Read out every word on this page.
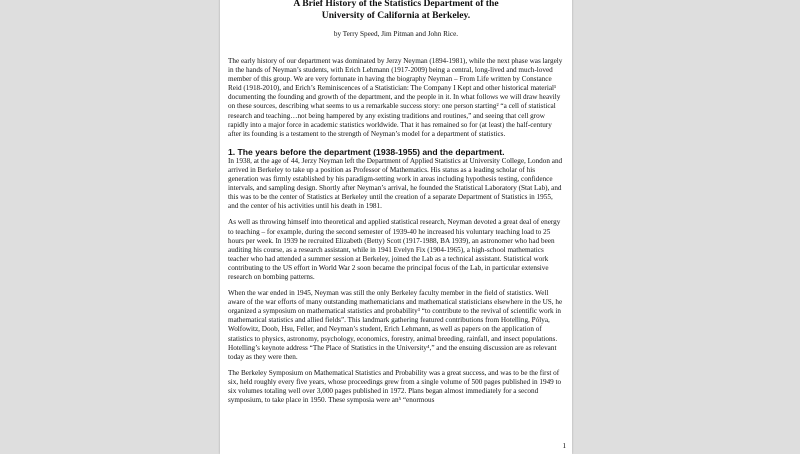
A Brief History of the Statistics Department of the
University of California at Berkeley.

by Terry Speed, Jim Pitman and John Rice.

The early history of our department was dominated by Jerzy Neyman (1894-1981), while the next phase was largely in the hands of Neyman’s students, with Erich Lehmann (1917-2009) being a central, long-lived and much-loved member of this group. We are very fortunate in having the biography Neyman – From Life written by Constance Reid (1918-2010), and Erich’s Reminiscences of a Statistician: The Company I Kept and other historical material¹ documenting the founding and growth of the department, and the people in it. In what follows we will draw heavily on these sources, describing what seems to us a remarkable success story: one person starting² “a cell of statistical research and teaching…not being hampered by any existing traditions and routines,” and seeing that cell grow rapidly into a major force in academic statistics worldwide. That it has remained so for (at least) the half-century after its founding is a testament to the strength of Neyman’s model for a department of statistics.

1. The years before the department (1938-1955) and the department.

In 1938, at the age of 44, Jerzy Neyman left the Department of Applied Statistics at University College, London and arrived in Berkeley to take up a position as Professor of Mathematics. His status as a leading scholar of his generation was firmly established by his paradigm-setting work in areas including hypothesis testing, confidence intervals, and sampling design. Shortly after Neyman’s arrival, he founded the Statistical Laboratory (Stat Lab), and this was to be the center of Statistics at Berkeley until the creation of a separate Department of Statistics in 1955, and the center of his activities until his death in 1981.

As well as throwing himself into theoretical and applied statistical research, Neyman devoted a great deal of energy to teaching – for example, during the second semester of 1939-40 he increased his voluntary teaching load to 25 hours per week. In 1939 he recruited Elizabeth (Betty) Scott (1917-1988, BA 1939), an astronomer who had been auditing his course, as a research assistant, while in 1941 Evelyn Fix (1904-1965), a high-school mathematics teacher who had attended a summer session at Berkeley, joined the Lab as a technical assistant. Statistical work contributing to the US effort in World War 2 soon became the principal focus of the Lab, in particular extensive research on bombing patterns.

When the war ended in 1945, Neyman was still the only Berkeley faculty member in the field of statistics. Well aware of the war efforts of many outstanding mathematicians and mathematical statisticians elsewhere in the US, he organized a symposium on mathematical statistics and probability³ “to contribute to the revival of scientific work in mathematical statistics and allied fields”. This landmark gathering featured contributions from Hotelling, Pólya, Wolfowitz, Doob, Hsu, Feller, and Neyman’s student, Erich Lehmann, as well as papers on the application of statistics to physics, astronomy, psychology, economics, forestry, animal breeding, rainfall, and insect populations. Hotelling’s keynote address “The Place of Statistics in the University⁴,” and the ensuing discussion are as relevant today as they were then.

The Berkeley Symposium on Mathematical Statistics and Probability was a great success, and was to be the first of six, held roughly every five years, whose proceedings grew from a single volume of 500 pages published in 1949 to six volumes totaling well over 3,000 pages published in 1972. Plans began almost immediately for a second symposium, to take place in 1950. These symposia were an⁵ “enormous

1
